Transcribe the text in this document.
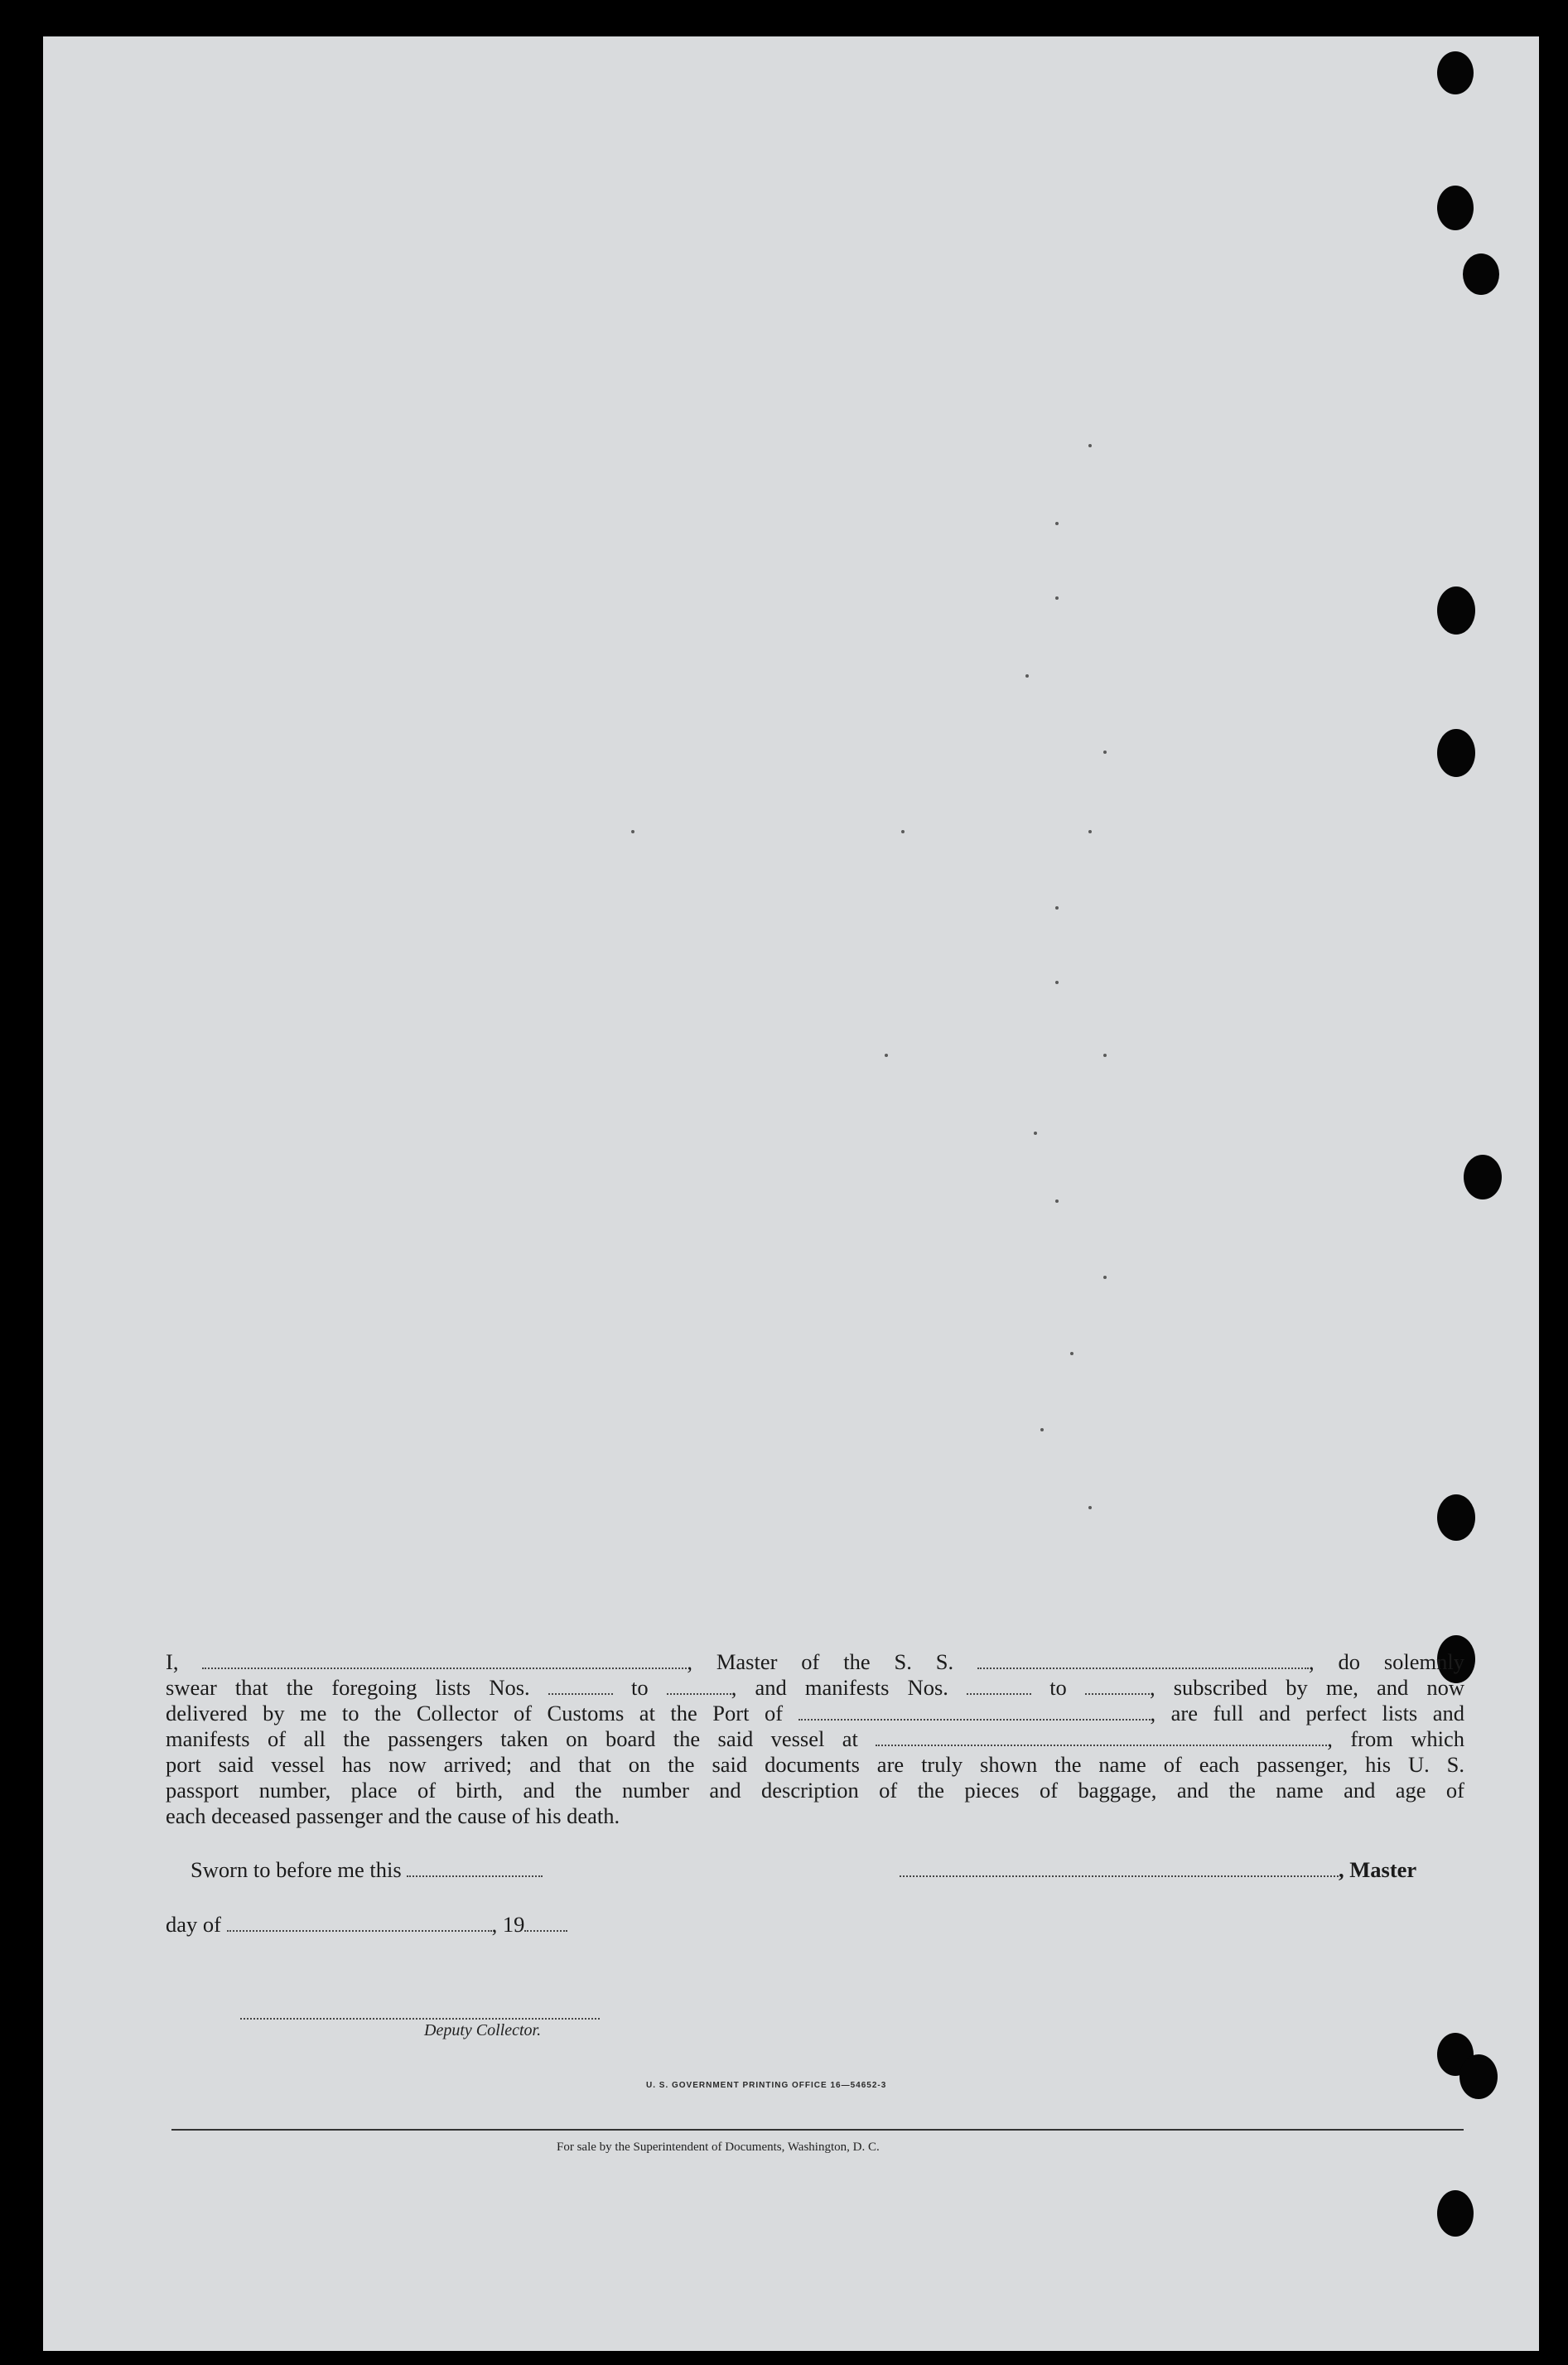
I,	, Master of the S. S.	, do solemnly
swear that the foregoing lists Nos.	to	, and manifests Nos.	to	, subscribed by me, and now
delivered by me to the Collector of Customs at the Port of	, are full and perfect lists and
manifests of all the passengers taken on board the said vessel at	, from which
port said vessel has now arrived; and that on the said documents are truly shown the name of each passenger, his U. S.
passport number, place of birth, and the number and description of the pieces of baggage, and the name and age of
each deceased passenger and the cause of his death.
Sworn to before me this	, Master
day of	, 19
Deputy Collector.
U. S. GOVERNMENT PRINTING OFFICE 16—54652-3
For sale by the Superintendent of Documents, Washington, D. C.
